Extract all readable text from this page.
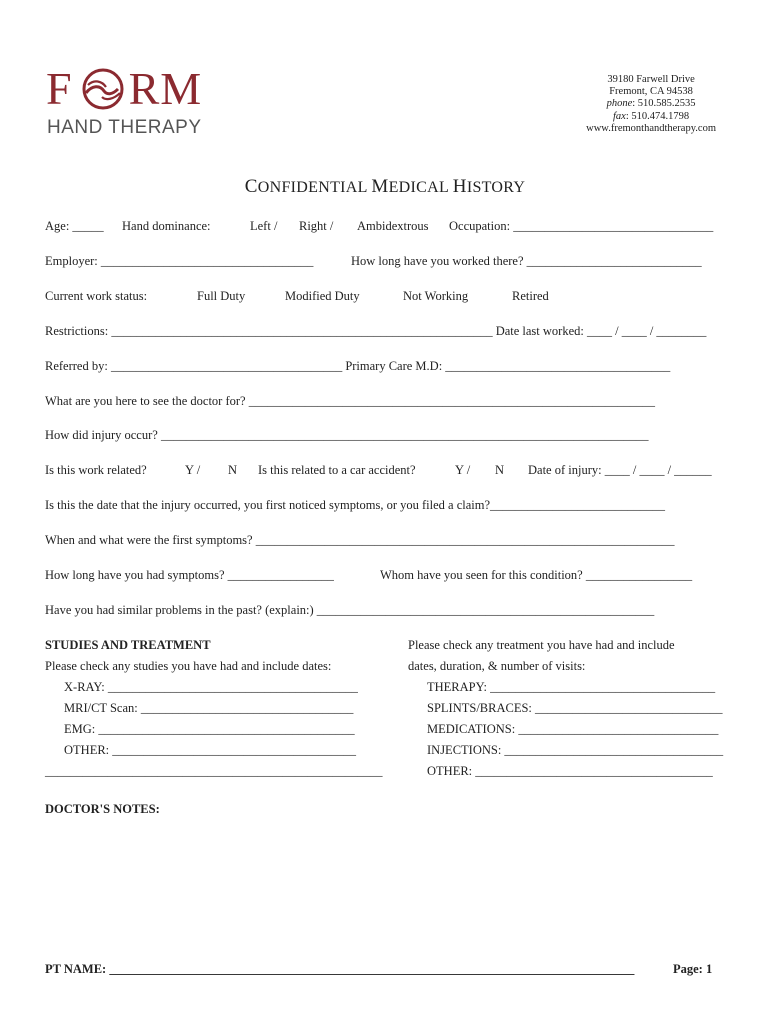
F RM
HAND THERAPY
39180 Farwell Drive
Fremont, CA 94538
phone: 510.585.2535
fax: 510.474.1798
www.fremonthandtherapy.com
CONFIDENTIAL MEDICAL HISTORY
Age: _____ Hand dominance:	Left / Right / Ambidextrous Occupation: ________________________________
Employer: __________________________________	How long have you worked there? ____________________________
Current work status:	Full Duty	Modified Duty	Not Working	Retired
Restrictions: _____________________________________________________________ Date last worked: ____ / ____ / ________
Referred by: _____________________________________ Primary Care M.D: ____________________________________
What are you here to see the doctor for? _________________________________________________________________
How did injury occur? ______________________________________________________________________________
Is this work related?	Y / N Is this related to a car accident?	Y / N Date of injury: ____ / ____ / ______
Is this the date that the injury occurred, you first noticed symptoms, or you filed a claim?____________________________
When and what were the first symptoms? ___________________________________________________________________
How long have you had symptoms? _________________	Whom have you seen for this condition? _________________
Have you had similar problems in the past? (explain:) ______________________________________________________
STUDIES AND TREATMENT
Please check any studies you have had and include dates:
X-RAY: ________________________________________
MRI/CT Scan: __________________________________
EMG: _________________________________________
OTHER: _______________________________________
______________________________________________________
Please check any treatment you have had and include
dates, duration, & number of visits:
THERAPY: ____________________________________
SPLINTS/BRACES: ______________________________
MEDICATIONS: ________________________________
INJECTIONS: ___________________________________
OTHER: ______________________________________
DOCTOR'S NOTES:
PT NAME: ____________________________________________________________________________________	Page: 1
